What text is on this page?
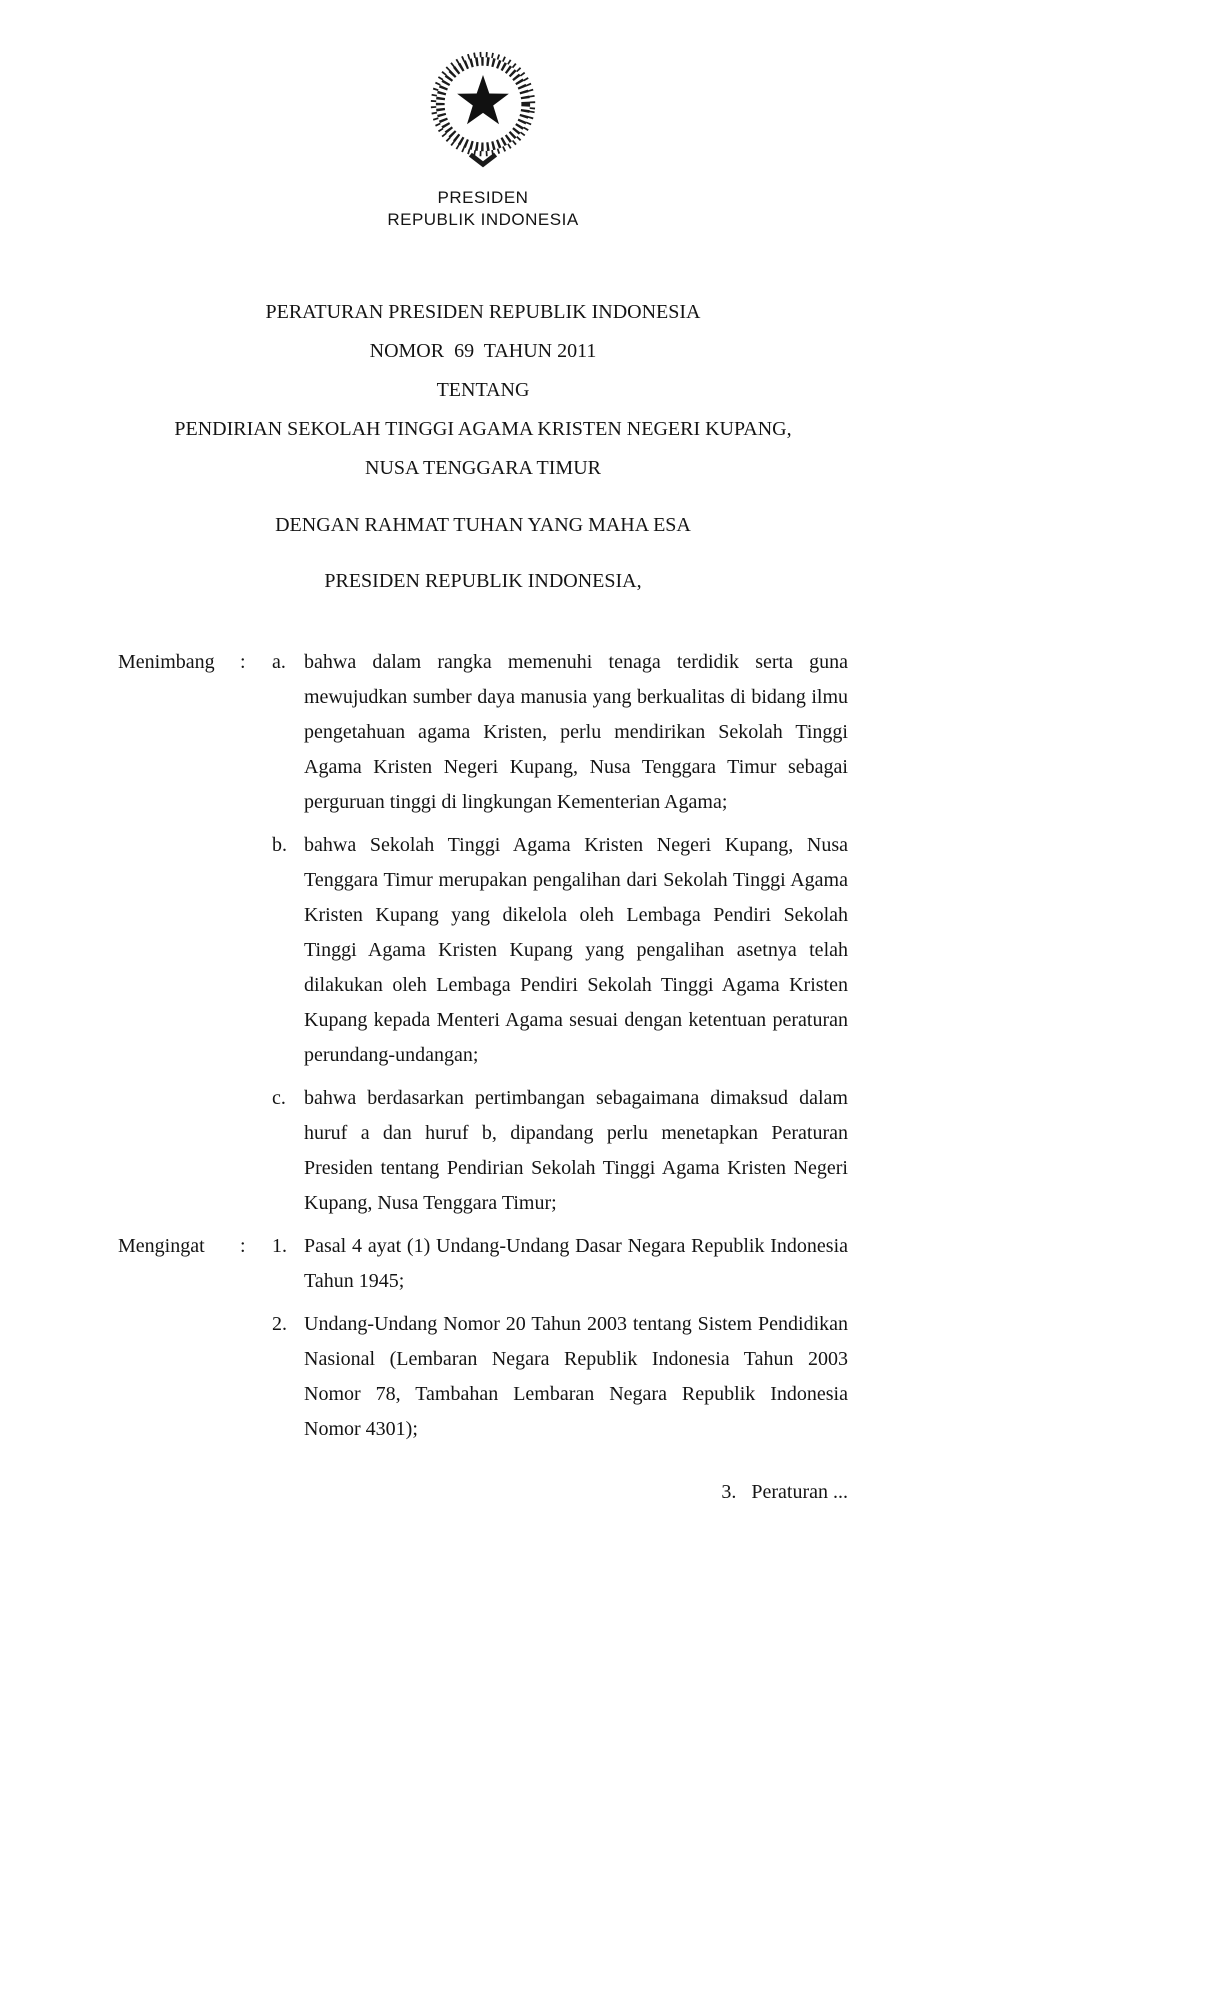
PRESIDEN
REPUBLIK INDONESIA
PERATURAN PRESIDEN REPUBLIK INDONESIA
NOMOR  69  TAHUN 2011
TENTANG
PENDIRIAN SEKOLAH TINGGI AGAMA KRISTEN NEGERI KUPANG,
NUSA TENGGARA TIMUR
DENGAN RAHMAT TUHAN YANG MAHA ESA
PRESIDEN REPUBLIK INDONESIA,
Menimbang	:	a. bahwa dalam rangka memenuhi tenaga terdidik serta guna mewujudkan sumber daya manusia yang berkualitas di bidang ilmu pengetahuan agama Kristen, perlu mendirikan Sekolah Tinggi Agama Kristen Negeri Kupang, Nusa Tenggara Timur sebagai perguruan tinggi di lingkungan Kementerian Agama;
b. bahwa Sekolah Tinggi Agama Kristen Negeri Kupang, Nusa Tenggara Timur merupakan pengalihan dari Sekolah Tinggi Agama Kristen Kupang yang dikelola oleh Lembaga Pendiri Sekolah Tinggi Agama Kristen Kupang yang pengalihan asetnya telah dilakukan oleh Lembaga Pendiri Sekolah Tinggi Agama Kristen Kupang kepada Menteri Agama sesuai dengan ketentuan peraturan perundang-undangan;
c. bahwa berdasarkan pertimbangan sebagaimana dimaksud dalam huruf a dan huruf b, dipandang perlu menetapkan Peraturan Presiden tentang Pendirian Sekolah Tinggi Agama Kristen Negeri Kupang, Nusa Tenggara Timur;
Mengingat	:	1. Pasal 4 ayat (1) Undang-Undang Dasar Negara Republik Indonesia Tahun 1945;
2. Undang-Undang Nomor 20 Tahun 2003 tentang Sistem Pendidikan Nasional (Lembaran Negara Republik Indonesia Tahun 2003 Nomor 78, Tambahan Lembaran Negara Republik Indonesia Nomor 4301);
3.   Peraturan ...
